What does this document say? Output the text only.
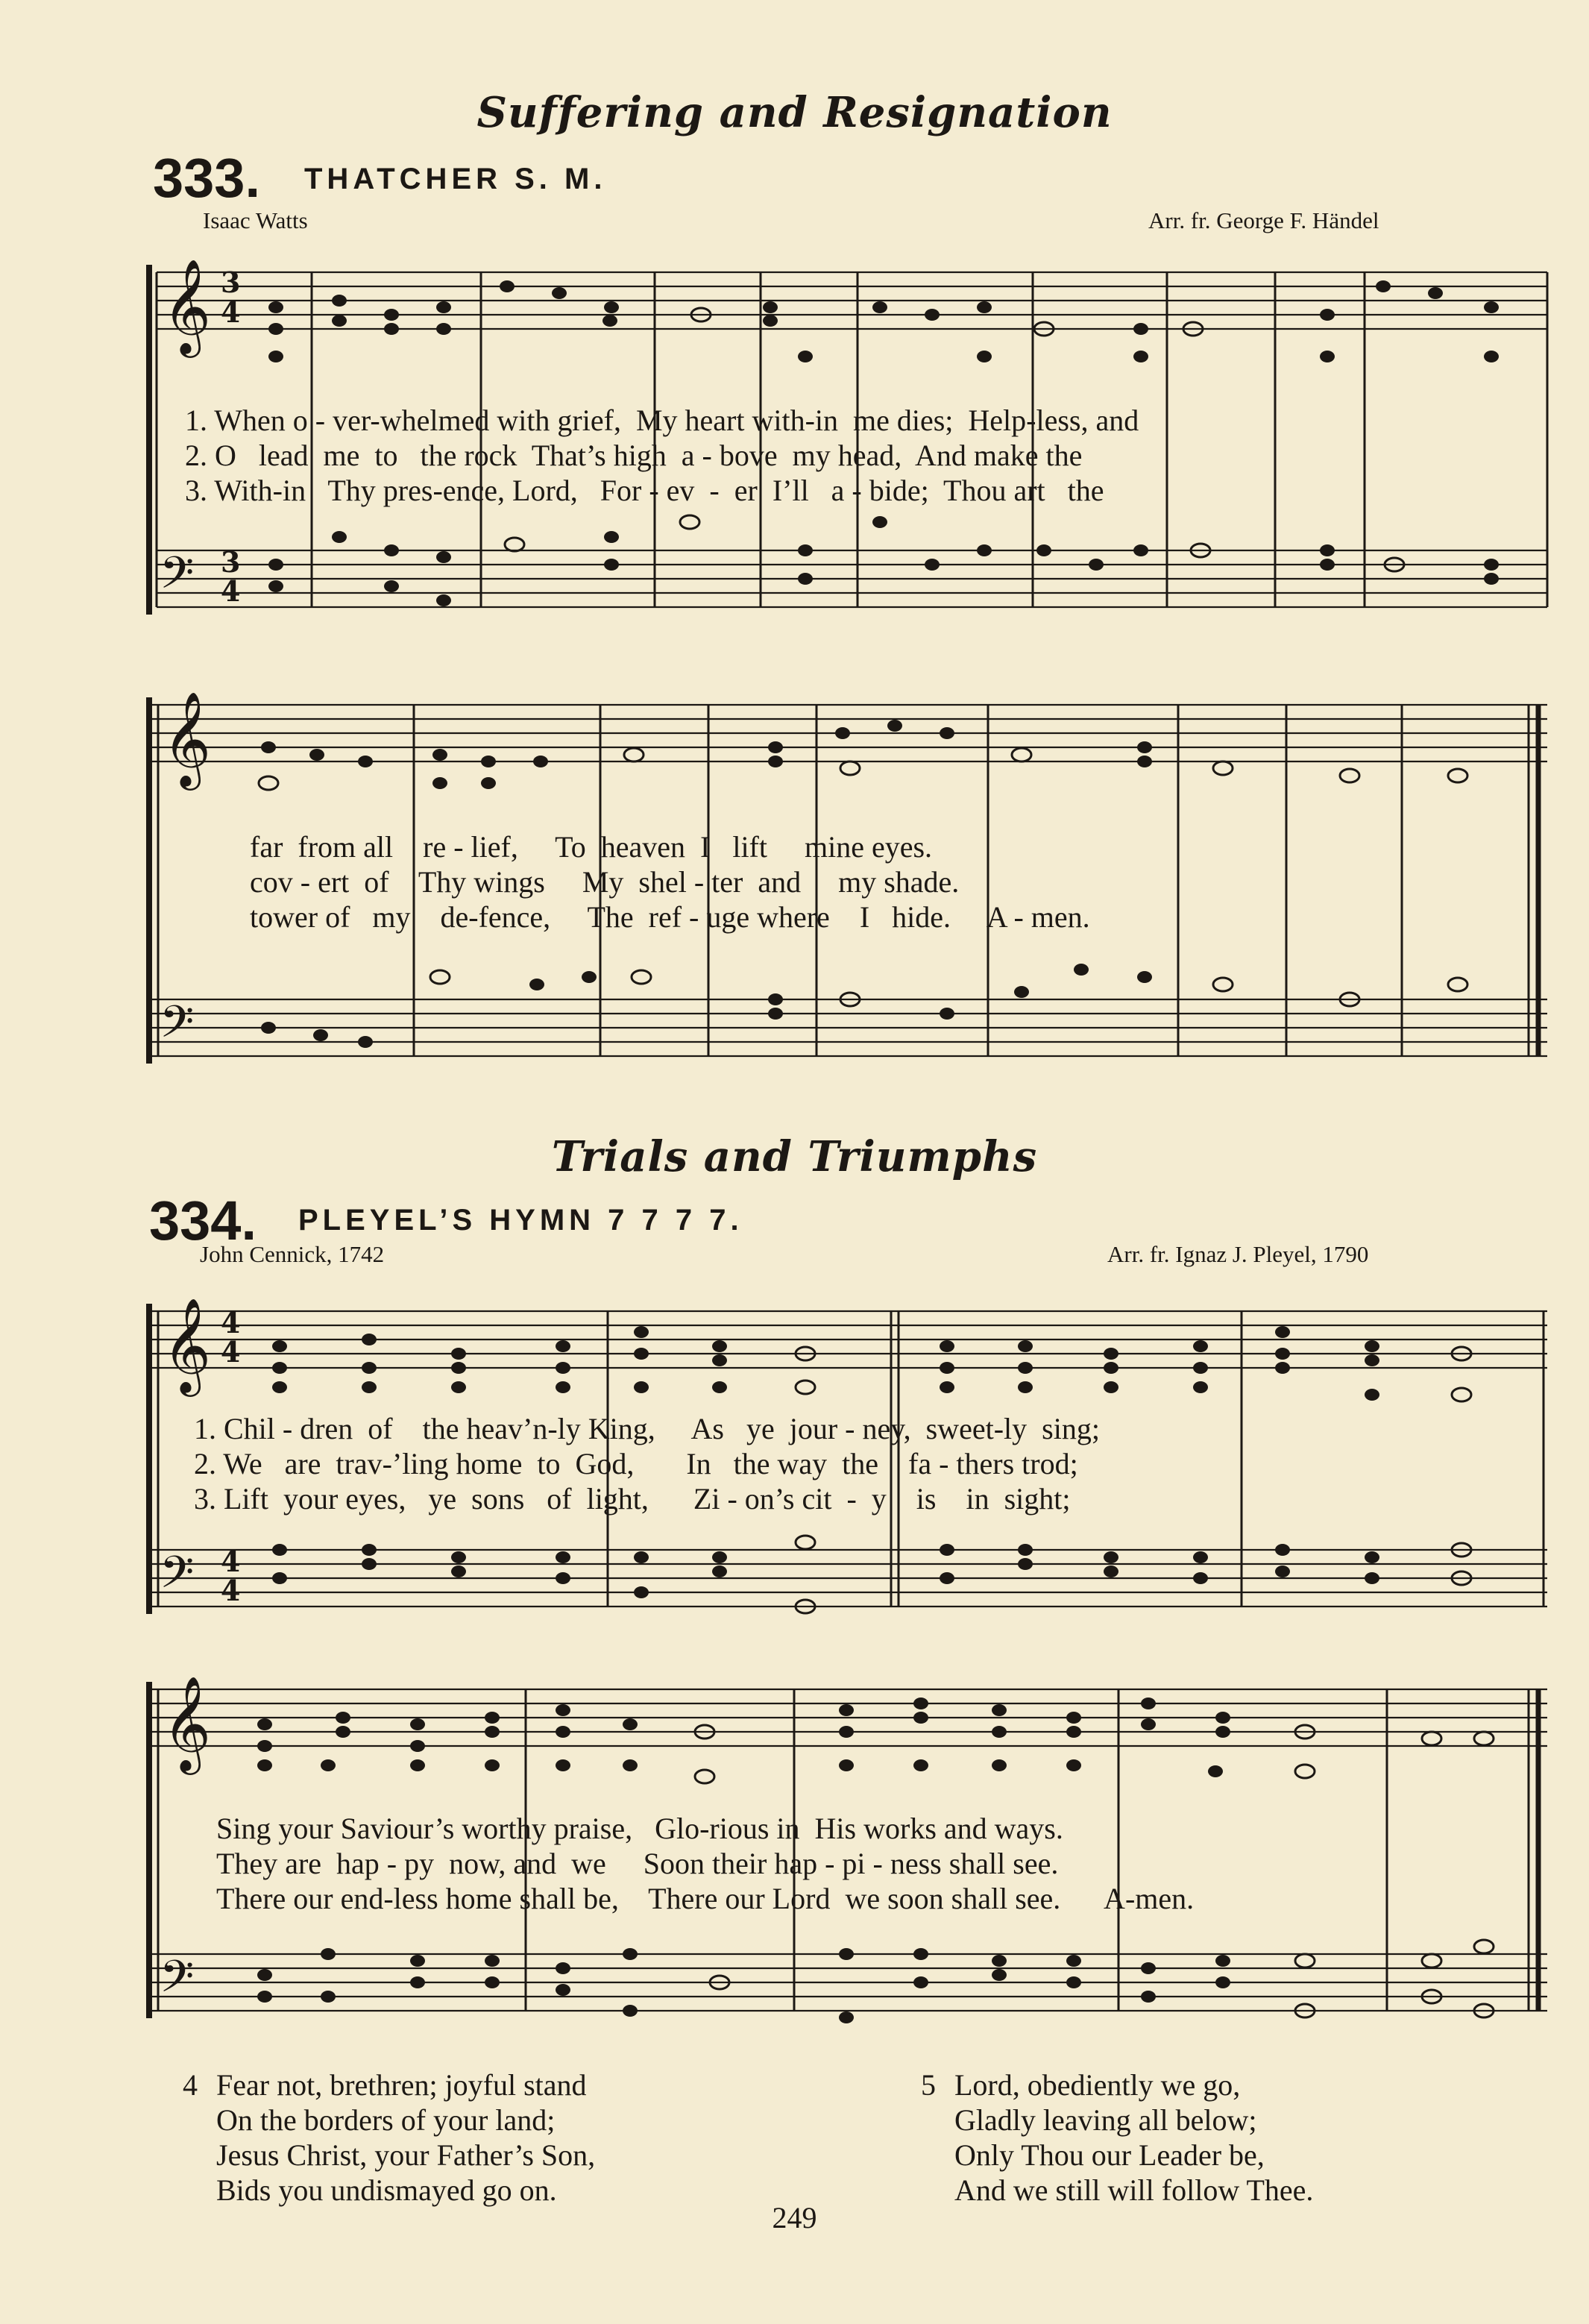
Suffering and Resignation
333. THATCHER S. M.
Isaac Watts	Arr. fr. George F. Händel
𝄞
𝄢
3
4
3
4
𝄞
𝄢
𝄞
𝄢
4
4
4
4
𝄞
𝄢
1. When o - ver-whelmed with grief,  My heart with-in  me dies;  Help-less, and
2. O   lead  me  to   the rock  That’s high  a - bove  my head,  And make the
3. With-in   Thy pres-ence, Lord,   For - ev  -  er  I’ll   a - bide;  Thou art   the
far  from all    re - lief,     To  heaven  I   lift     mine eyes.
cov - ert  of    Thy wings     My  shel - ter  and     my shade.
tower of   my    de-fence,     The  ref - uge where    I   hide.     A - men.
Trials and Triumphs
334. PLEYEL’S HYMN 7 7 7 7.
John Cennick, 1742	Arr. fr. Ignaz J. Pleyel, 1790
1. Chil - dren  of    the heav’n-ly King,     As   ye  jour - ney,  sweet-ly  sing;
2. We   are  trav-’ling home  to  God,       In   the way  the    fa - thers trod;
3. Lift  your eyes,   ye  sons   of  light,      Zi - on’s cit  -  y    is    in  sight;
Sing your Saviour’s worthy praise,   Glo-rious in  His works and ways.
They are  hap - py  now, and  we     Soon their hap - pi - ness shall see.
There our end-less home shall be,    There our Lord  we soon shall see.      A-men.
4 Fear not, brethren; joyful stand
On the borders of your land;
Jesus Christ, your Father’s Son,
Bids you undismayed go on.
5 Lord, obediently we go,
Gladly leaving all below;
Only Thou our Leader be,
And we still will follow Thee.
249
